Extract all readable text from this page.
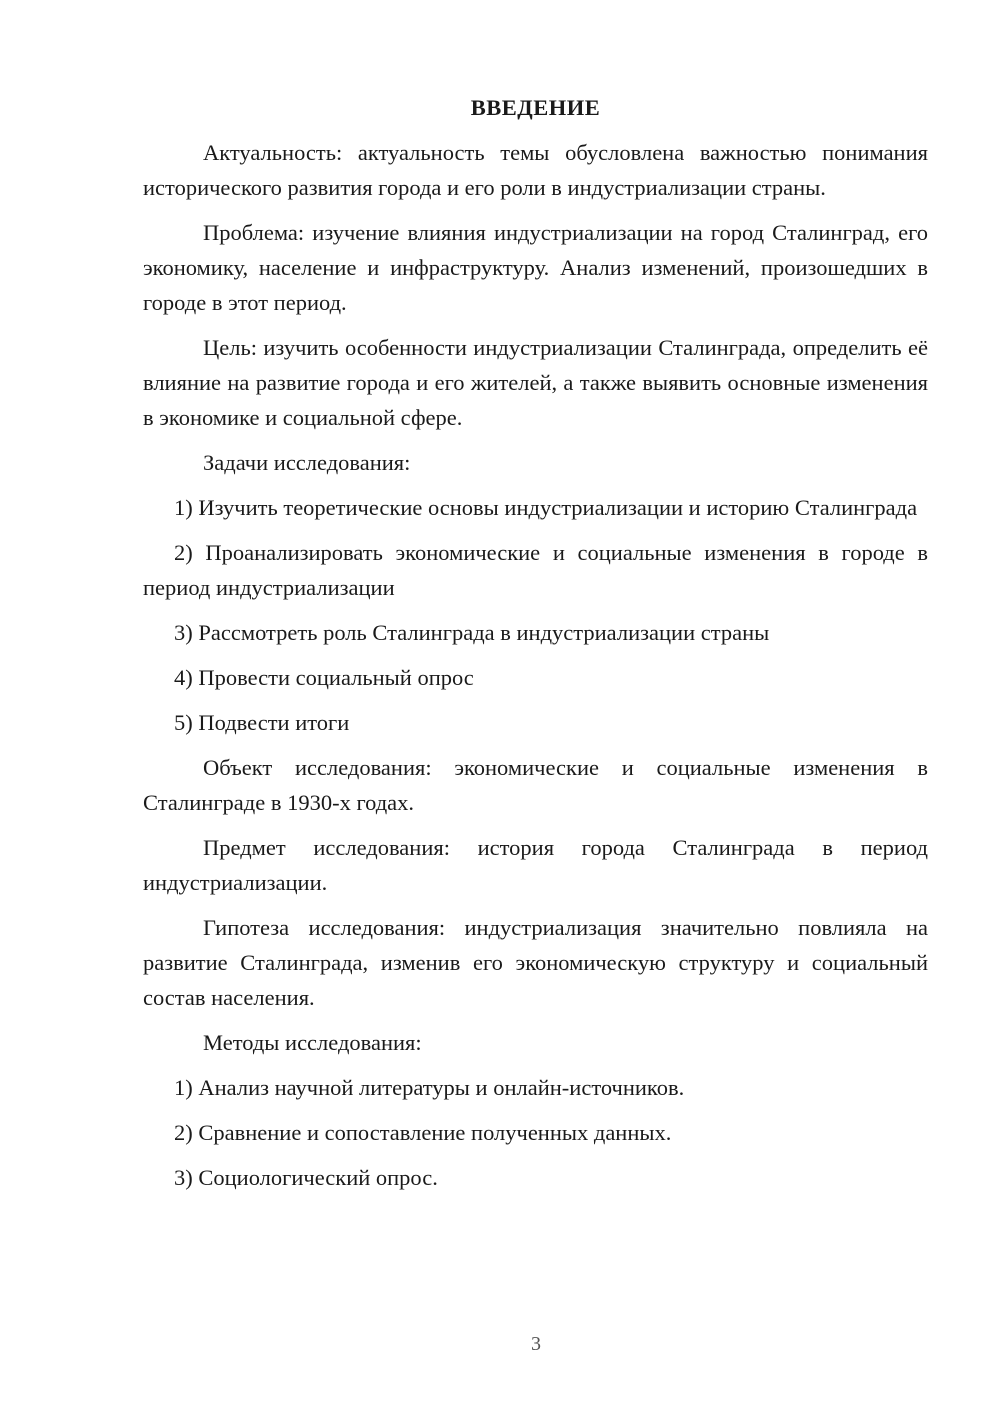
ВВЕДЕНИЕ

Актуальность: актуальность темы обусловлена важностью понимания исторического развития города и его роли в индустриализации страны.

Проблема: изучение влияния индустриализации на город Сталинград, его экономику, население и инфраструктуру. Анализ изменений, произошедших в городе в этот период.

Цель: изучить особенности индустриализации Сталинграда, определить её влияние на развитие города и его жителей, а также выявить основные изменения в экономике и социальной сфере.

Задачи исследования:

1) Изучить теоретические основы индустриализации и историю Сталинграда

2) Проанализировать экономические и социальные изменения в городе в период индустриализации

3) Рассмотреть роль Сталинграда в индустриализации страны

4) Провести социальный опрос

5) Подвести итоги

Объект исследования: экономические и социальные изменения в Сталинграде в 1930-х годах.

Предмет исследования: история города Сталинграда в период индустриализации.

Гипотеза исследования: индустриализация значительно повлияла на развитие Сталинграда, изменив его экономическую структуру и социальный состав населения.

Методы исследования:

1) Анализ научной литературы и онлайн-источников.

2) Сравнение и сопоставление полученных данных.

3) Социологический опрос.

3
